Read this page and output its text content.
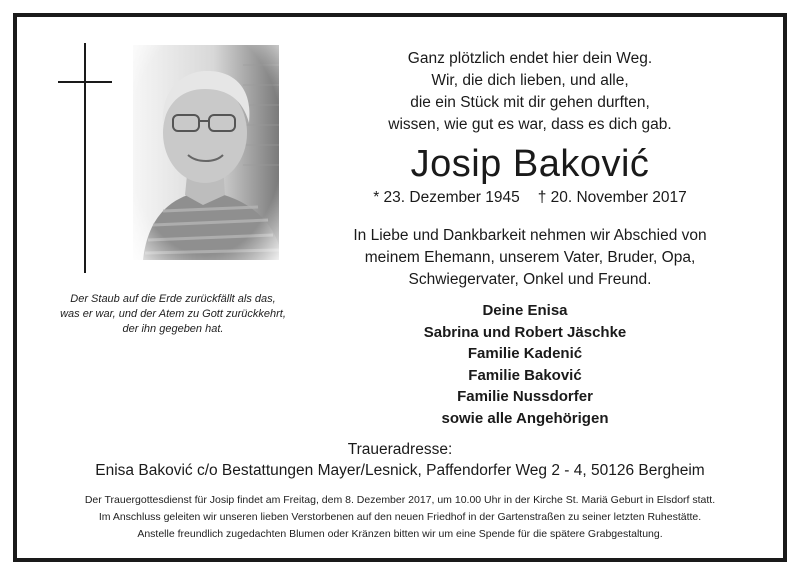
Der Staub auf die Erde zurückfällt als das,
was er war, und der Atem zu Gott zurückkehrt,
der ihn gegeben hat.
Ganz plötzlich endet hier dein Weg.
Wir, die dich lieben, und alle,
die ein Stück mit dir gehen durften,
wissen, wie gut es war, dass es dich gab.
Josip Baković
* 23. Dezember 1945 † 20. November 2017
In Liebe und Dankbarkeit nehmen wir Abschied von
meinem Ehemann, unserem Vater, Bruder, Opa,
Schwiegervater, Onkel und Freund.
Deine Enisa
Sabrina und Robert Jäschke
Familie Kadenić
Familie Baković
Familie Nussdorfer
sowie alle Angehörigen
Traueradresse:
Enisa Baković c/o Bestattungen Mayer/Lesnick, Paffendorfer Weg 2 - 4, 50126 Bergheim
Der Trauergottesdienst für Josip findet am Freitag, dem 8. Dezember 2017, um 10.00 Uhr in der Kirche St. Mariä Geburt in Elsdorf statt.
Im Anschluss geleiten wir unseren lieben Verstorbenen auf den neuen Friedhof in der Gartenstraßen zu seiner letzten Ruhestätte.
Anstelle freundlich zugedachten Blumen oder Kränzen bitten wir um eine Spende für die spätere Grabgestaltung.
